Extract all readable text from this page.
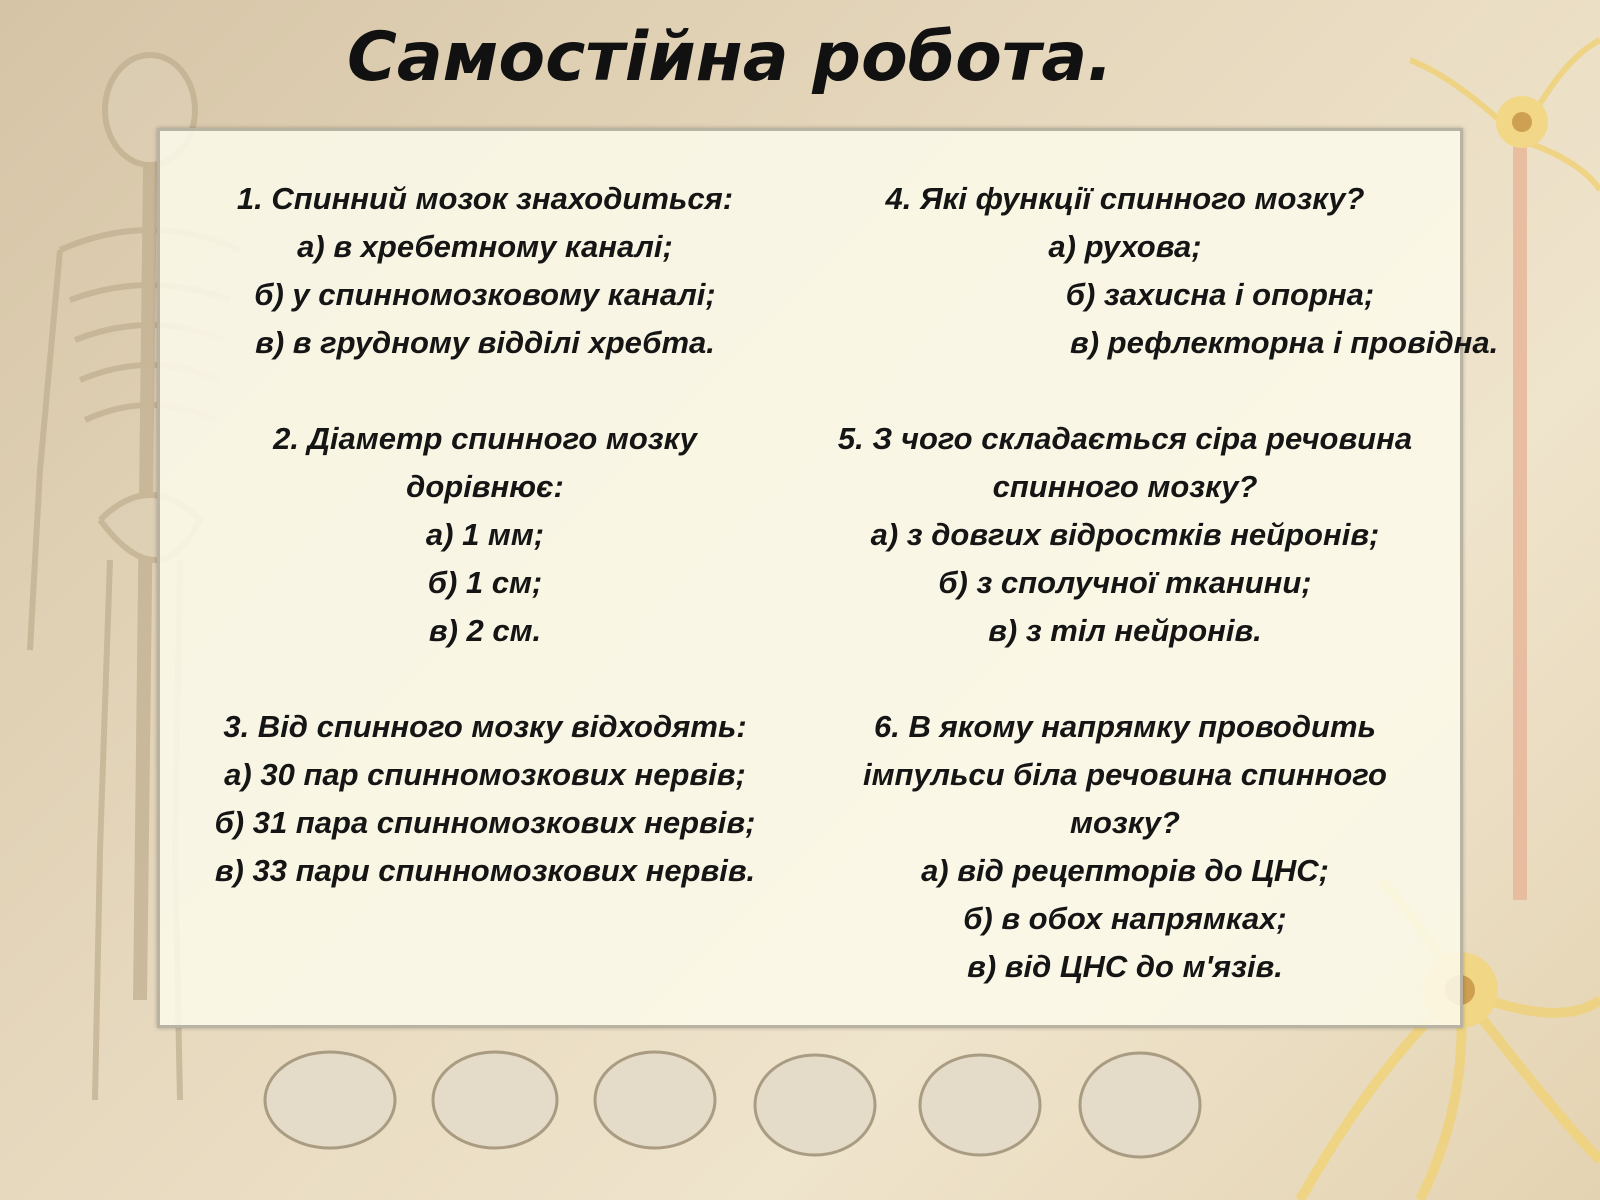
Самостійна робота.
1. Спинний мозок знаходиться:
а) в хребетному каналі;
б) у спинномозковому каналі;
в) в грудному відділі хребта.
2. Діаметр спинного мозку
дорівнює:
а) 1 мм;
б) 1 см;
в) 2 см.
3. Від спинного мозку відходять:
а) 30 пар спинномозкових нервів;
б) 31 пара спинномозкових нервів;
в) 33 пари спинномозкових нервів.
4. Які функції спинного мозку?
а) рухова;
б) захисна і опорна;
в) рефлекторна і провідна.
5. З чого складається сіра речовина
спинного мозку?
а) з довгих відростків нейронів;
б) з сполучної тканини;
в) з тіл нейронів.
6. В якому напрямку проводить
імпульси біла речовина спинного
мозку?
а) від рецепторів до ЦНС;
б) в обох напрямках;
в) від ЦНС до м'язів.
